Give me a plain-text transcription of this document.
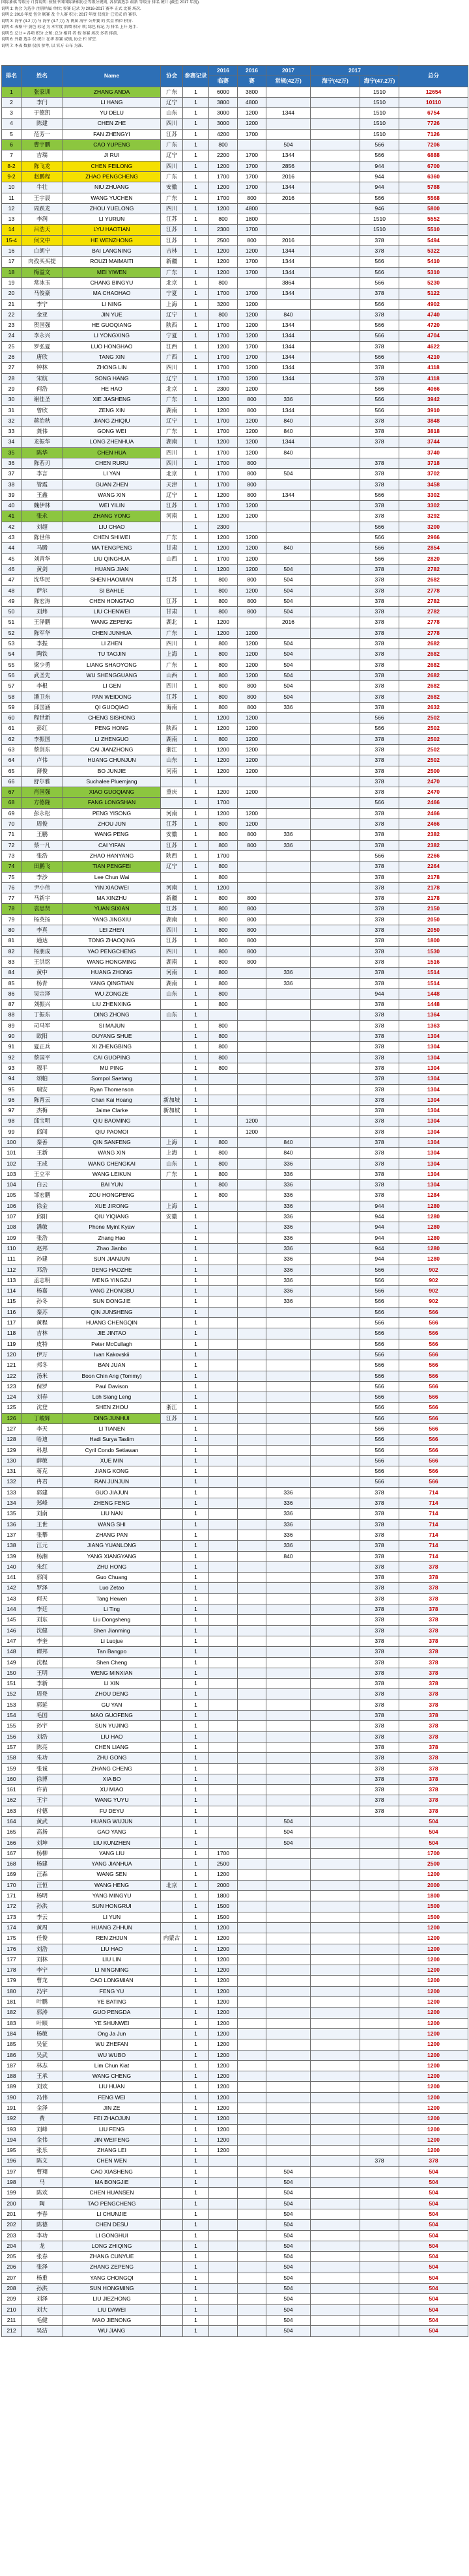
国际象棋 等级分 计算说明: 按照中国国际象棋协会等级分规则, 各参赛选手 最新 等级分 排名 统计 (截至 2017 年度).
说明 1: 协会 为选手 注册所属 单位; 参赛 记录 为 2016-2017 赛季 正式 比赛 场次.
说明 2: 2016 年度 包含 联赛 及 个人赛 积分; 2017 年度 仅统计 已完成 的 赛事.
说明 3: 海宁 (4.2 万) 与 海宁 (4.7 万) 为 两届 海宁 公开赛 的 奖金 档位 积分.
说明 4: 表格 中 黄色 标记 为 本年度 新增 积分 项; 绿色 标记 为 排名 上升 选手.
说明 5: 总分 = 各项 积分 之和; 总分 相同 者 按 参赛 场次 多者 排前.
说明 6: 外籍 选手 仅 统计 在华 参赛 成绩, 协会 栏 留空.
说明 7: 本表 数据 仅供 参考, 以 官方 公布 为准.
排名	姓名	Name	协会	参赛记录	2016	2016	2017	2017		总分
					临赛	赛	常规(42万)	海宁(42万)	海宁(47.2万)	
1	张家训	ZHANG ANDA	广东	1	6000	3800			1510	12654
2	李闩	LI HANG	辽宁	1	3800	4800			1510	10110
3	于德凯	YU DELU	山东	1	3000	1200	1344		1510	6754
4	陈建	CHEN ZHE	四川	1	3000	1200			1510	7726
5	范芳一	FAN ZHENGYI	江苏	1	4200	1700			1510	7126
6	曹宇鹏	CAO YUPENG	广东	1	800		504		566	7206
7	吉瑞	JI RUI	辽宁	1	2200	1700	1344		566	6888
8-2	陈飞龙	CHEN FEILONG	四川	1	1200	1700	2856		944	6700
9-2	赵鹏程	ZHAO PENGCHENG	广东	1	1700	1700	2016		944	6360
10	牛壮	NIU ZHUANG	安徽	1	1200	1700	1344		944	5788
11	王宇晨	WANG YUCHEN	广东	1	1700	800	2016		566	5568
12	周跃龙	ZHOU YUELONG	四川	1	1200	4800			946	5800
13	李润	LI YURUN	江苏	1	800	1800			1510	5552
14	吕浩天	LYU HAOTIAN	江苏	1	2300	1700			1510	5510
15-4	何文中	HE WENZHONG	江苏	1	2500	800	2016		378	5494
16	白朗宁	BAI LANGNING	吉林	1	1200	1200	1344		378	5322
17	肉孜买买提	ROUZI MAIMAITI	新疆	1	1200	1700	1344		566	5410
18	梅益文	MEI YIWEN	广东	1	1200	1700	1344		566	5310
19	常冰玉	CHANG BINGYU	北京	1	800		3864		566	5230
20	马俊豪	MA CHAOHAO	宁夏	1	1700	1700	1344		378	5122
21	李宁	LI NING	上海	1	3200	1200			566	4902
22	金亚	JIN YUE	辽宁	1	800	1200	840		378	4740
23	贺国强	HE GUOQIANG	陕西	1	1700	1200	1344		566	4720
24	李永兴	LI YONGXING	宁夏	1	1700	1200	1344		566	4704
25	罗弘夏	LUO HONGHAO	江西	1	1200	1700	1344		378	4622
26	唐欣	TANG XIN	广西	1	1700	1700	1344		566	4210
27	钟林	ZHONG LIN	四川	1	1700	1200	1344		378	4118
28	宋航	SONG HANG	辽宁	1	1700	1200	1344		378	4118
29	何浩	HE HAO	北京	1	2300	1200			566	4066
30	谢佳圣	XIE JIASHENG	广东	1	1200	800	336		566	3942
31	曾欣	ZENG XIN	湖南	1	1200	800	1344		566	3910
32	蒋治秋	JIANG ZHIQIU	辽宁	1	1700	1200	840		378	3848
33	龚伟	GONG WEI	广东	1	1700	1200	840		378	3818
34	龙振华	LONG ZHENHUA	湖南	1	1200	1200	1344		378	3744
35	陈华	CHEN HUA	四川	1	1700	1200	840			3740
36	陈若刃	CHEN RURU	四川	1	1700	800			378	3718
37	李言	LI YAN	北京	1	1700	800	504		378	3702
38	管震	GUAN ZHEN	天津	1	1700	800			378	3458
39	王鑫	WANG XIN	辽宁	1	1200	800	1344		566	3302
40	魏伊林	WEI YILIN	江苏	1	1700	1200			378	3302
41	张永	ZHANG YONG	河南	1	1200	1200			378	3292
42	刘超	LIU CHAO		1	2300				566	3200
43	陈世伟	CHEN SHIWEI	广东	1	1200	1200			566	2966
44	马腾	MA TENGPENG	甘肃	1	1200	1200	840		566	2854
45	刘青华	LIU QINGHUA	山西	1	1700	1200			566	2820
46	黄剑	HUANG JIAN		1	1200	1200	504		378	2782
47	沈华民	SHEN HAOMIAN	江苏	1	800	800	504		378	2682
48	萨尔	SI BAHLE		1	800	1200	504		378	2778
49	陈宏涛	CHEN HONGTAO	江苏	1	800	800	504		378	2782
50	刘炜	LIU CHENWEI	甘肃	1	800	800	504		378	2782
51	王泽鹏	WANG ZEPENG	湖北	1	1200		2016		378	2778
52	陈军华	CHEN JUNHUA	广东	1	1200	1200			378	2778
53	李振	LI ZHEN	四川	1	800	1200	504		378	2682
54	陶铁	TU TAOJIN	上海	1	800	1200	504		378	2682
55	梁少勇	LIANG SHAOYONG	广东	1	800	1200	504		378	2682
56	武圣先	WU SHENGGUANG	山西	1	800	1200	504		378	2682
57	李根	LI GEN	四川	1	800	800	504		378	2682
58	潘卫东	PAN WEIDONG	江苏	1	800	800	504		378	2682
59	邱国涵	QI GUOQIAO	海南	1	800	800	336		378	2632
60	程世新	CHENG SISHONG		1	1200	1200			566	2502
61	彭红	PENG HONG	陕西	1	1200	1200			566	2502
62	李振国	LI ZHENGUO	湖南	1	800	1200			378	2502
63	蔡剑东	CAI JIANZHONG	浙江	1	1200	1200			378	2502
64	卢伟	HUANG CHUNJUN	山东	1	1200	1200			378	2502
65	薄俊	BO JUNJIE	河南	1	1200	1200			378	2500
66	舒尔雅	Suchalee Pluemjang		1					378	2470
67	肖国强	XIAO GUOQIANG	重庆	1	1200	1200			378	2470
68	方德隆	FANG LONGSHAN		1	1700				566	2466
69	彭永松	PENG YISONG	河南	1	1200	1200			378	2466
70	周俊	ZHOU JUN	江苏	1	800	1200			378	2466
71	王鹏	WANG PENG	安徽	1	800	800	336		378	2382
72	蔡一凡	CAI YIFAN	江苏	1	800	800	336		378	2382
73	张浩	ZHAO HANYANG	陕西	1	1700				566	2266
74	田鹏飞	TIAN PENGFEI	辽宁	1	800				378	2264
75	李沙	Lee Chun Wai		1	800				378	2178
76	尹小伟	YIN XIAOWEI	河南	1	1200				378	2178
77	马新宇	MA XINZHU	新疆	1	800	800			378	2178
78	袁思贤	YUAN SIXIAN	江苏	1	800	800			378	2150
79	杨英扬	YANG JINGXIU	湖南	1	800	800			378	2050
80	李真	LEI ZHEN	四川	1	800	800			378	2050
81	通达	TONG ZHAOQING	江苏	1	800	800			378	1800
82	杨朋成	YAO PENGCHENG	四川	1	800	800			378	1530
83	王洪铭	WANG HONGMING	湖南	1	800	800			378	1516
84	黄中	HUANG ZHONG	河南	1	800		336		378	1514
85	杨青	YANG QINGTIAN	湖南	1	800		336		378	1514
86	吴宗泽	WU ZONGZE	山东	1	800				944	1448
87	刘振兴	LIU ZHENXING		1	800				378	1448
88	丁振东	DING ZHONG	山东	1					378	1364
89	司马军	SI MAJUN		1	800				378	1363
90	欧阳	OUYANG SHUE		1	800				378	1304
91	夏正兵	XI ZHENGBING		1	800				378	1304
92	蔡国平	CAI GUOPING		1	800				378	1304
93	穆平	MU PING		1	800				378	1304
94	颂帕	Sompol Saetang		1					378	1304
95	瑞安	Ryan Thomenson		1					378	1304
96	陈育云	Chan Kai Hoang	新加坡	1					378	1304
97	杰梅	Jaime Clarke	新加坡	1					378	1304
98	邱宝明	QIU BAOMING		1		1200			378	1304
99	邱闯	QIU PAOMOI		1		1200			378	1304
100	秦善	QIN SANFENG	上海	1	800		840		378	1304
101	王新	WANG XIN	上海	1	800		840		378	1304
102	王成	WANG CHENGKAI	山东	1	800		336		378	1304
103	王立平	WANG LEIKUN	广东	1	800		336		378	1304
104	白云	BAI YUN		1	800		336		378	1304
105	邹宏鹏	ZOU HONGPENG		1	800		336		378	1284
106	徐金	XUE JIRONG	上海	1			336		944	1280
107	邱阳	QIU YIQIANG	安徽	1			336		944	1280
108	潘敏	Phone Myint Kyaw		1			336		944	1280
109	张浩	Zhang Hao		1			336		944	1280
110	赵邦	Zhao Jianbo		1			336		944	1280
111	孙建	SUN JIANJUN		1			336		944	1280
112	邓浩	DENG HAOZHE		1			336		566	902
113	孟志明	MENG YINGZU		1			336		566	902
114	杨嘉	YANG ZHONGBU		1			336		566	902
115	孙冬	SUN DONGJIE		1			336		566	902
116	秦苏	QIN JUNSHENG		1					566	566
117	黄程	HUANG CHENGQIN		1					566	566
118	吉林	JIE JINTAO		1					566	566
119	皮特	Peter McCullagh		1					566	566
120	伊万	Ivan Kakovskii		1					566	566
121	邦冬	BAN JUAN		1					566	566
122	汤米	Boon Chin Ang (Tommy)		1					566	566
123	保罗	Paul Davison		1					566	566
124	刘春	Loh Siang Leng		1					566	566
125	沈登	SHEN ZHOU	浙江	1					566	566
126	丁峻辉	DING JUNHUI	江苏	1					566	566
127	李天	LI TIANEN		1					566	566
128	哈迪	Hadi Surya Taslim		1					566	566
129	科恩	Cyril Condo Setiawan		1					566	566
130	薛敏	XUE MIN		1					566	566
131	蒋克	JIANG KONG		1					566	566
132	冉君	RAN JUNJUN		1					566	566
133	郭建	GUO JIAJUN		1			336		378	714
134	郑峰	ZHENG FENG		1			336		378	714
135	刘南	LIU NAN		1			336		378	714
136	王世	WANG SHI		1			336		378	714
137	张攀	ZHANG PAN		1			336		378	714
138	江元	JIANG YUANLONG		1			336		378	714
139	杨湘	YANG XIANGYANG		1			840		378	714
140	朱红	ZHU HONG		1					378	378
141	郭闯	Guo Chuang		1					378	378
142	罗泽	Luo Zetao		1					378	378
143	何天	Tang Hewen		1					378	378
144	李廷	Li Ting		1					378	378
145	刘东	Liu Dongsheng		1					378	378
146	沈健	Shen Jianming		1					378	378
147	李奎	Li Luojue		1					378	378
148	谭邦	Tan Bangpo		1					378	378
149	沈程	Shen Cheng		1					378	378
150	王明	WENG MINXIAN		1					378	378
151	李新	LI XIN		1					378	378
152	周登	ZHOU DENG		1					378	378
153	郭延	GU YAN		1					378	378
154	毛国	MAO GUOFENG		1					378	378
155	孙宇	SUN YUJING		1					378	378
156	刘浩	LIU HAO		1					378	378
157	陈亮	CHEN LIANG		1					378	378
158	朱功	ZHU GONG		1					378	378
159	张诚	ZHANG CHENG		1					378	378
160	徐博	XIA BO		1					378	378
161	许苗	XU MIAO		1					378	378
162	王宇	WANG YUYU		1					378	378
163	付德	FU DEYU		1					378	378
164	黄武	HUANG WUJUN		1			504			504
165	高扬	GAO YANG		1			504			504
166	刘坤	LIU KUNZHEN		1			504			504
167	杨柳	YANG LIU		1	1700					1700
168	杨建	YANG JIANHUA		1	2500					2500
169	汪森	WANG SEN		1	1200					1200
170	汪恒	WANG HENG	北京	1	2000					2000
171	杨明	YANG MINGYU		1	1800					1800
172	孙洪	SUN HONGRUI		1	1500					1500
173	李云	LI YUN		1	1500					1500
174	黄周	HUANG ZHHUN		1	1200					1200
175	任俊	REN ZHJUN	内蒙古	1	1200					1200
176	刘浩	LIU HAO		1	1200					1200
177	刘林	LIU LIN		1	1200					1200
178	李宁	LI NINGNING		1	1200					1200
179	曹龙	CAO LONGMIAN		1	1200					1200
180	冯宇	FENG YU		1	1200					1200
181	叶鹏	YE BATING		1	1200					1200
182	郭涛	GUO PENGDA		1	1200					1200
183	叶顺	YE SHUNWEI		1	1200					1200
184	杨敏	Ong Ja Jun		1	1200					1200
185	吴征	WU ZHEFAN		1	1200					1200
186	吴武	WU WUBO		1	1200					1200
187	林志	Lim Chun Kiat		1	1200					1200
188	王承	WANG CHENG		1	1200					1200
189	刘欢	LIU HUAN		1	1200					1200
190	冯伟	FENG WEI		1	1200					1200
191	金泽	JIN ZE		1	1200					1200
192	费	FEI ZHAOJUN		1	1200					1200
193	刘峰	LIU FENG		1	1200					1200
194	金伟	JIN WEIFENG		1	1200					1200
195	张乐	ZHANG LEI		1	1200					1200
196	陈文	CHEN WEN		1					378	378
197	曹翔	CAO XIASHENG		1			504			504
198	马	MA BONGJIE		1			504			504
199	陈欢	CHEN HUANSEN		1			504			504
200	陶	TAO PENGCHENG		1			504			504
201	李春	LI CHUNJIE		1			504			504
202	陈德	CHEN DESU		1			504			504
203	李功	LI GONGHUI		1			504			504
204	龙	LONG ZHIQING		1			504			504
205	张春	ZHANG CUNYUE		1			504			504
206	张泽	ZHANG ZEPENG		1			504			504
207	杨重	YANG CHONGQI		1			504			504
208	孙洪	SUN HONGMING		1			504			504
209	刘泽	LIU JIEZHONG		1			504			504
210	刘大	LIU DAWEI		1			504			504
211	毛健	MAO JIENONG		1			504			504
212	吴洁	WU JIANG		1			504			504
